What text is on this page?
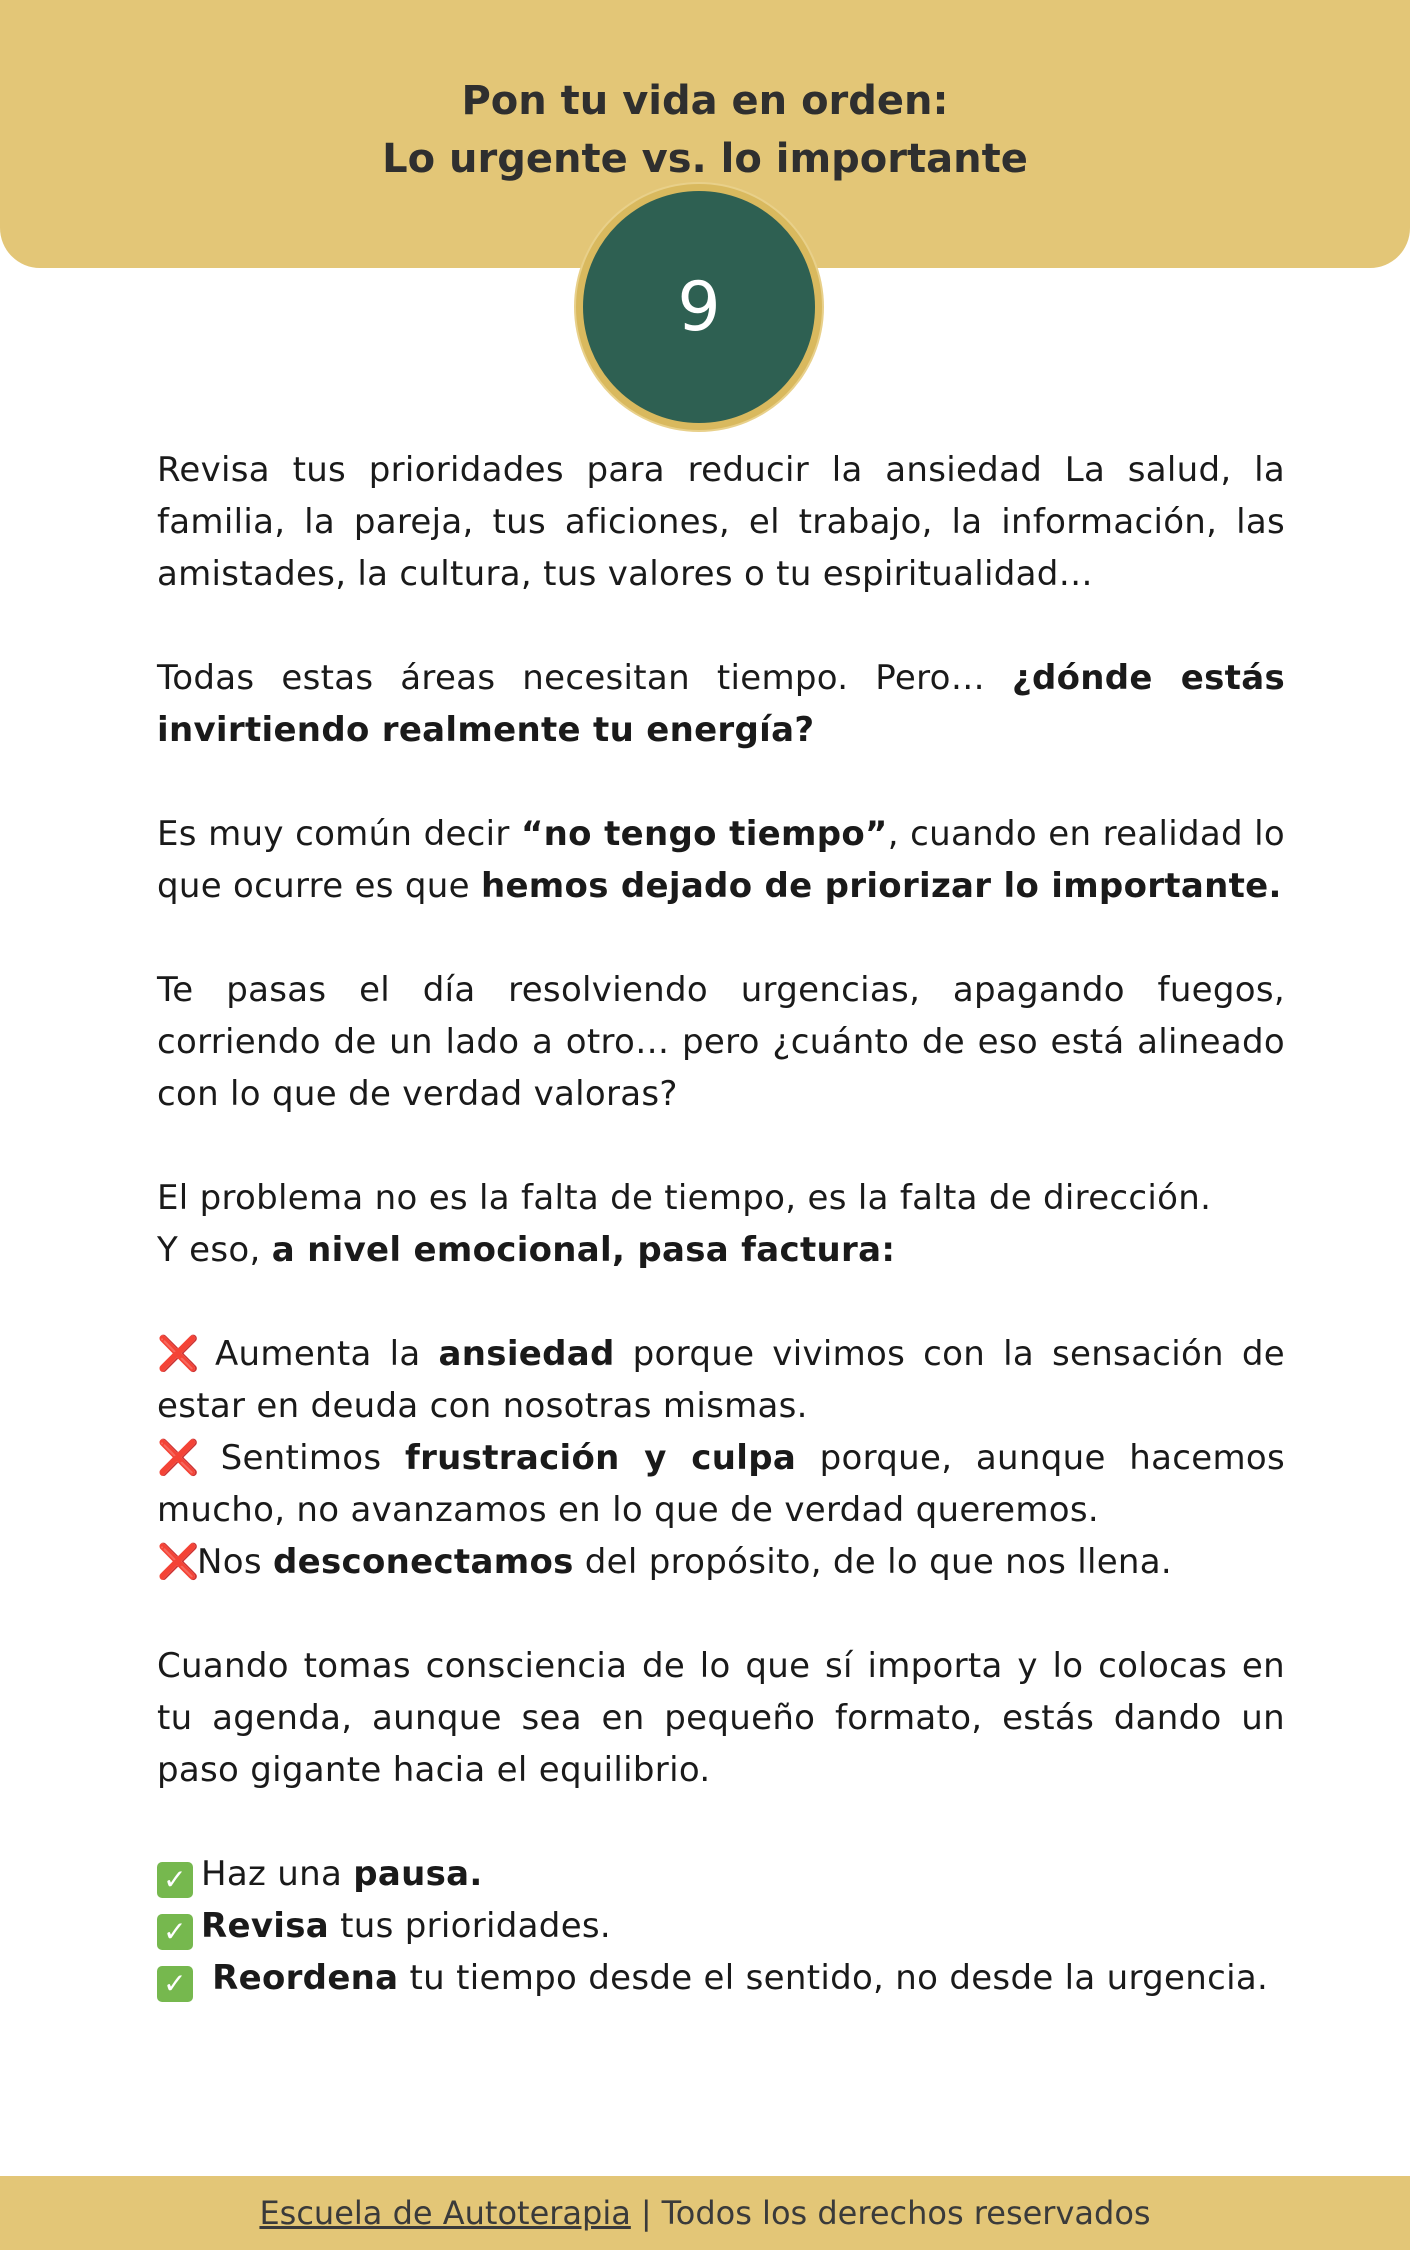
Pon tu vida en orden:
Lo urgente vs. lo importante
9

Revisa tus prioridades para reducir la ansiedad La salud, la familia, la pareja, tus aficiones, el trabajo, la información, las amistades, la cultura, tus valores o tu espiritualidad…

Todas estas áreas necesitan tiempo. Pero… ¿dónde estás invirtiendo realmente tu energía?

Es muy común decir “no tengo tiempo”, cuando en realidad lo que ocurre es que hemos dejado de priorizar lo importante.

Te pasas el día resolviendo urgencias, apagando fuegos, corriendo de un lado a otro… pero ¿cuánto de eso está alineado con lo que de verdad valoras?

El problema no es la falta de tiempo, es la falta de dirección.
Y eso, a nivel emocional, pasa factura:

❌ Aumenta la ansiedad porque vivimos con la sensación de estar en deuda con nosotras mismas.
❌ Sentimos frustración y culpa porque, aunque hacemos mucho, no avanzamos en lo que de verdad queremos.
❌Nos desconectamos del propósito, de lo que nos llena.

Cuando tomas consciencia de lo que sí importa y lo colocas en tu agenda, aunque sea en pequeño formato, estás dando un paso gigante hacia el equilibrio.

✓ Haz una pausa.
✓ Revisa tus prioridades.
✓ Reordena tu tiempo desde el sentido, no desde la urgencia.

Escuela de Autoterapia | Todos los derechos reservados
